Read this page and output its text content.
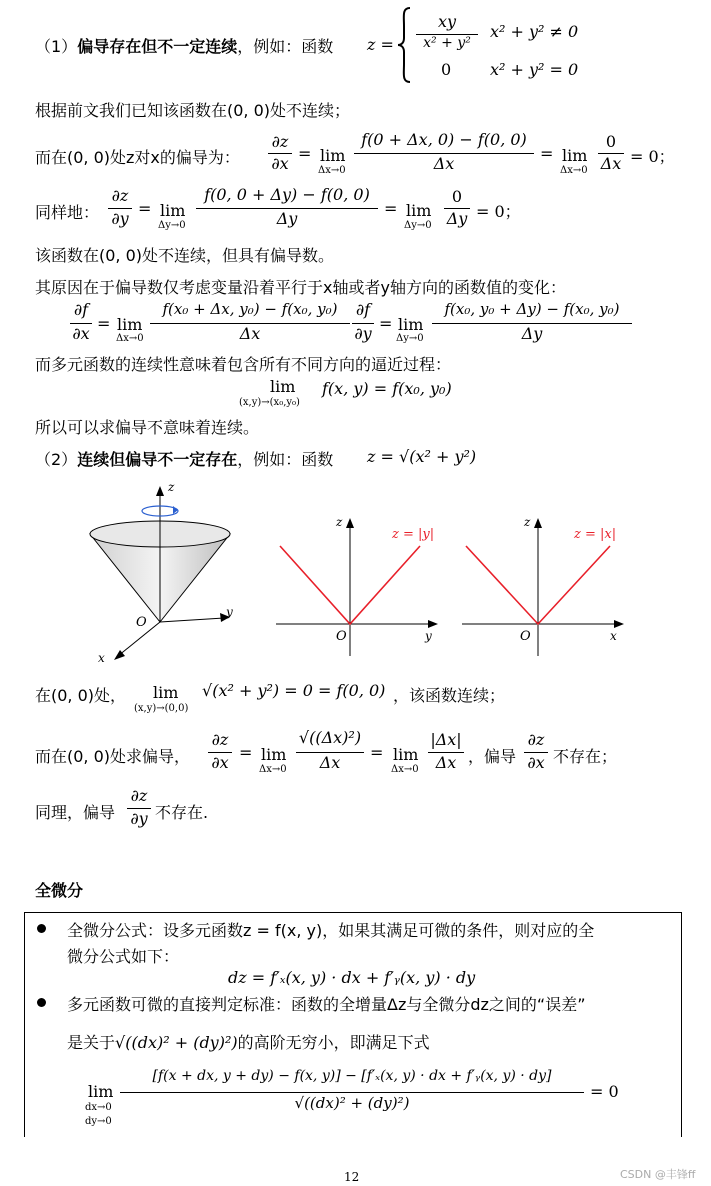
（1）偏导存在但不一定连续，例如：函数 z =
xy
x² + y²
x² + y² ≠ 0
0 x² + y² = 0
根据前文我们已知该函数在(0, 0)处不连续；
而在(0, 0)处z对x的偏导为：
∂z
∂x
= lim
Δx→0
f(0 + Δx, 0) − f(0, 0)
Δx
= lim
Δx→0
0
Δx = 0；
同样地：
∂z
∂y
= lim
Δy→0
f(0, 0 + Δy) − f(0, 0)
Δy
= lim
Δy→0
0
Δy = 0；
该函数在(0, 0)处不连续，但具有偏导数。
其原因在于偏导数仅考虑变量沿着平行于x轴或者y轴方向的函数值的变化：
∂f
∂x
= lim
Δx→0
f(x₀ + Δx, y₀) − f(x₀, y₀)
Δx
∂f
∂y
= lim
Δy→0
f(x₀, y₀ + Δy) − f(x₀, y₀)
Δy
而多元函数的连续性意味着包含所有不同方向的逼近过程：
lim
(x,y)→(x₀,y₀)
f(x, y) = f(x₀, y₀)
所以可以求偏导不意味着连续。
（2）连续但偏导不一定存在，例如：函数 z = √(x² + y²)
z
y
x
O
z
O	y
z = |y|
z
O	x
z = |x|
在(0, 0)处， lim
(x,y)→(0,0)
√(x² + y²) = 0 = f(0, 0) ，该函数连续；
而在(0, 0)处求偏导，
∂z
∂x
= lim
Δx→0
√((Δx)²)
Δx
= lim
Δx→0
|Δx|
Δx ，偏导
∂z
∂x 不存在；
同理，偏导
∂z
∂y 不存在.
全微分
全微分公式：设多元函数z = f(x, y)，如果其满足可微的条件，则对应的全
微分公式如下：
dz = f′ₓ(x, y) · dx + f′ᵧ(x, y) · dy
多元函数可微的直接判定标准：函数的全增量Δz与全微分dz之间的“误差”
是关于√((dx)² + (dy)²)的高阶无穷小，即满足下式
lim
dx→0
dy→0
[f(x + dx, y + dy) − f(x, y)] − [f′ₓ(x, y) · dx + f′ᵧ(x, y) · dy]
√((dx)² + (dy)²)
= 0
12	CSDN @丰锋ff
